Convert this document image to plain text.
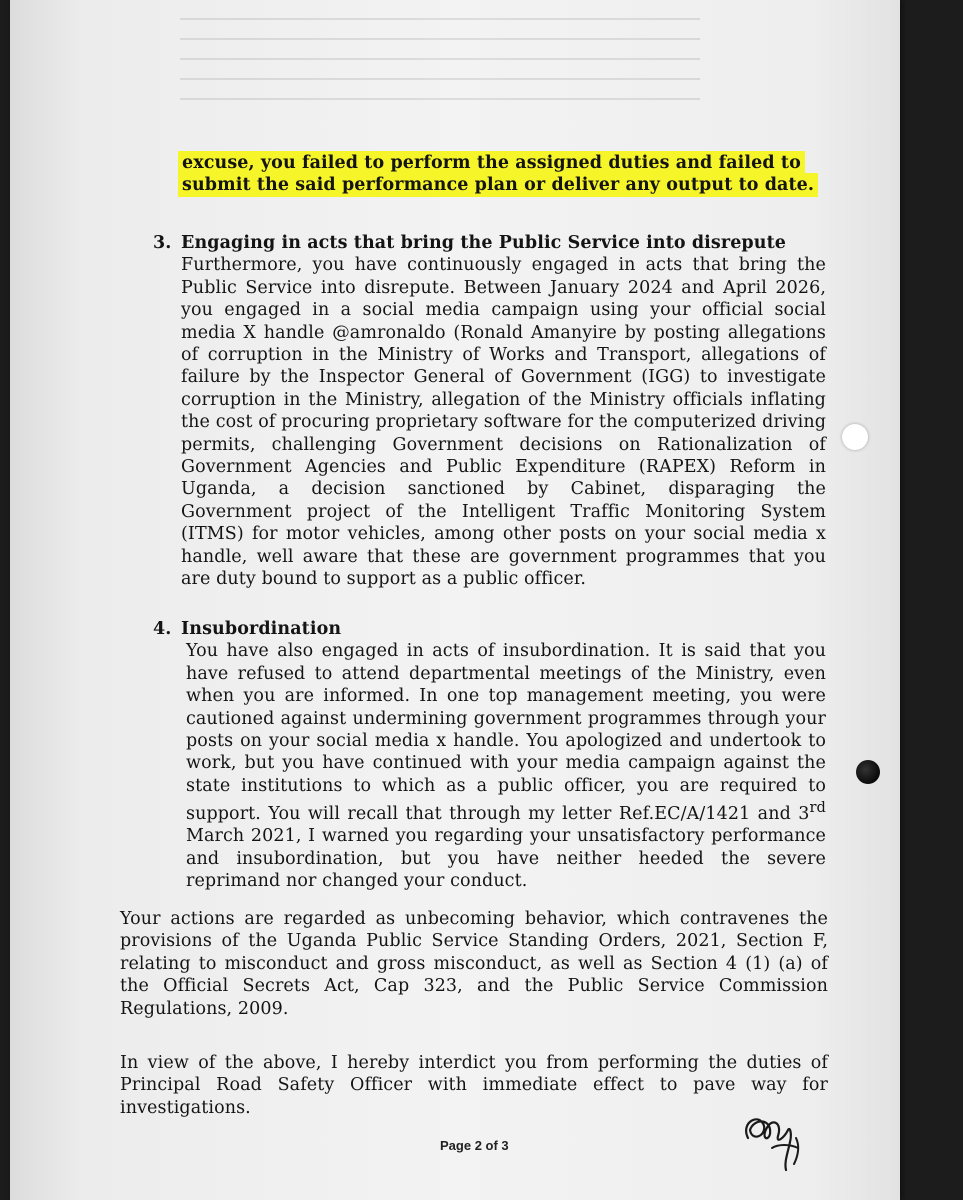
excuse, you failed to perform the assigned duties and failed to submit the said performance plan or deliver any output to date.
3. Engaging in acts that bring the Public Service into disrepute
Furthermore, you have continuously engaged in acts that bring the Public Service into disrepute. Between January 2024 and April 2026, you engaged in a social media campaign using your official social media X handle @amronaldo (Ronald Amanyire by posting allegations of corruption in the Ministry of Works and Transport, allegations of failure by the Inspector General of Government (IGG) to investigate corruption in the Ministry, allegation of the Ministry officials inflating the cost of procuring proprietary software for the computerized driving permits, challenging Government decisions on Rationalization of Government Agencies and Public Expenditure (RAPEX) Reform in Uganda, a decision sanctioned by Cabinet, disparaging the Government project of the Intelligent Traffic Monitoring System (ITMS) for motor vehicles, among other posts on your social media x handle, well aware that these are government programmes that you are duty bound to support as a public officer.
4. Insubordination
You have also engaged in acts of insubordination. It is said that you have refused to attend departmental meetings of the Ministry, even when you are informed. In one top management meeting, you were cautioned against undermining government programmes through your posts on your social media x handle. You apologized and undertook to work, but you have continued with your media campaign against the state institutions to which as a public officer, you are required to support. You will recall that through my letter Ref.EC/A/1421 and 3rd March 2021, I warned you regarding your unsatisfactory performance and insubordination, but you have neither heeded the severe reprimand nor changed your conduct.
Your actions are regarded as unbecoming behavior, which contravenes the provisions of the Uganda Public Service Standing Orders, 2021, Section F, relating to misconduct and gross misconduct, as well as Section 4 (1) (a) of the Official Secrets Act, Cap 323, and the Public Service Commission Regulations, 2009.
In view of the above, I hereby interdict you from performing the duties of Principal Road Safety Officer with immediate effect to pave way for investigations.
Page 2 of 3
